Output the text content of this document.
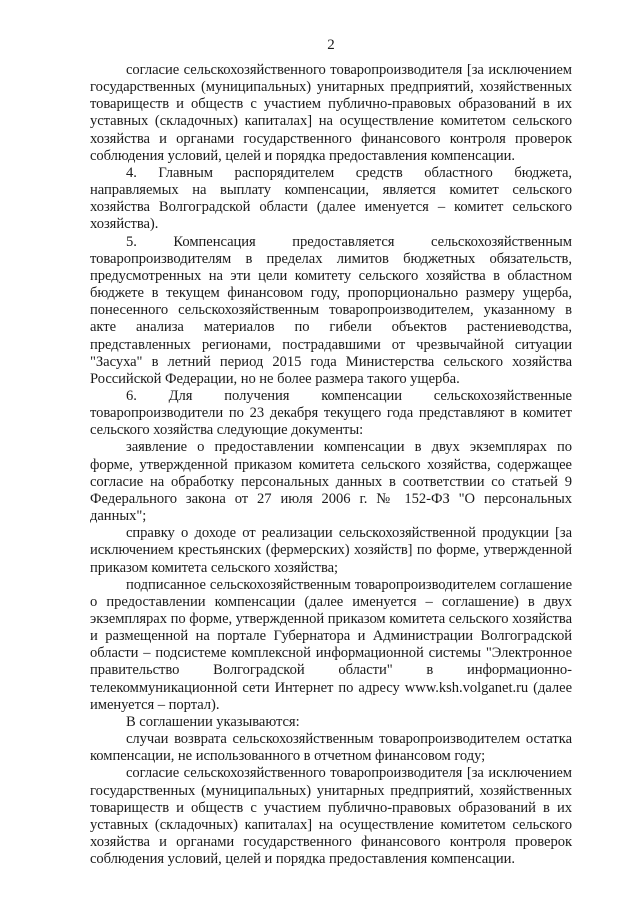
2

согласие сельскохозяйственного товаропроизводителя [за исключением государственных (муниципальных) унитарных предприятий, хозяйственных товариществ и обществ с участием публично-правовых образований в их уставных (складочных) капиталах] на осуществление комитетом сельского хозяйства и органами государственного финансового контроля проверок соблюдения условий, целей и порядка предоставления компенсации.

4. Главным распорядителем средств областного бюджета, направляемых на выплату компенсации, является комитет сельского хозяйства Волгоградской области (далее именуется – комитет сельского хозяйства).

5. Компенсация предоставляется сельскохозяйственным товаропроизводителям в пределах лимитов бюджетных обязательств, предусмотренных на эти цели комитету сельского хозяйства в областном бюджете в текущем финансовом году, пропорционально размеру ущерба, понесенного сельскохозяйственным товаропроизводителем, указанному в акте анализа материалов по гибели объектов растениеводства, представленных регионами, пострадавшими от чрезвычайной ситуации "Засуха" в летний период 2015 года Министерства сельского хозяйства Российской Федерации, но не более размера такого ущерба.

6. Для получения компенсации сельскохозяйственные товаропроизводители по 23 декабря текущего года представляют в комитет сельского хозяйства следующие документы:

заявление о предоставлении компенсации в двух экземплярах по форме, утвержденной приказом комитета сельского хозяйства, содержащее согласие на обработку персональных данных в соответствии со статьей 9 Федерального закона от 27 июля 2006 г. № 152-ФЗ "О персональных данных";

справку о доходе от реализации сельскохозяйственной продукции [за исключением крестьянских (фермерских) хозяйств] по форме, утвержденной приказом комитета сельского хозяйства;

подписанное сельскохозяйственным товаропроизводителем соглашение о предоставлении компенсации (далее именуется – соглашение) в двух экземплярах по форме, утвержденной приказом комитета сельского хозяйства и размещенной на портале Губернатора и Администрации Волгоградской области – подсистеме комплексной информационной системы "Электронное правительство Волгоградской области" в информационно-телекоммуникационной сети Интернет по адресу www.ksh.volganet.ru (далее именуется – портал).

В соглашении указываются:

случаи возврата сельскохозяйственным товаропроизводителем остатка компенсации, не использованного в отчетном финансовом году;

согласие сельскохозяйственного товаропроизводителя [за исключением государственных (муниципальных) унитарных предприятий, хозяйственных товариществ и обществ с участием публично-правовых образований в их уставных (складочных) капиталах] на осуществление комитетом сельского хозяйства и органами государственного финансового контроля проверок соблюдения условий, целей и порядка предоставления компенсации.
